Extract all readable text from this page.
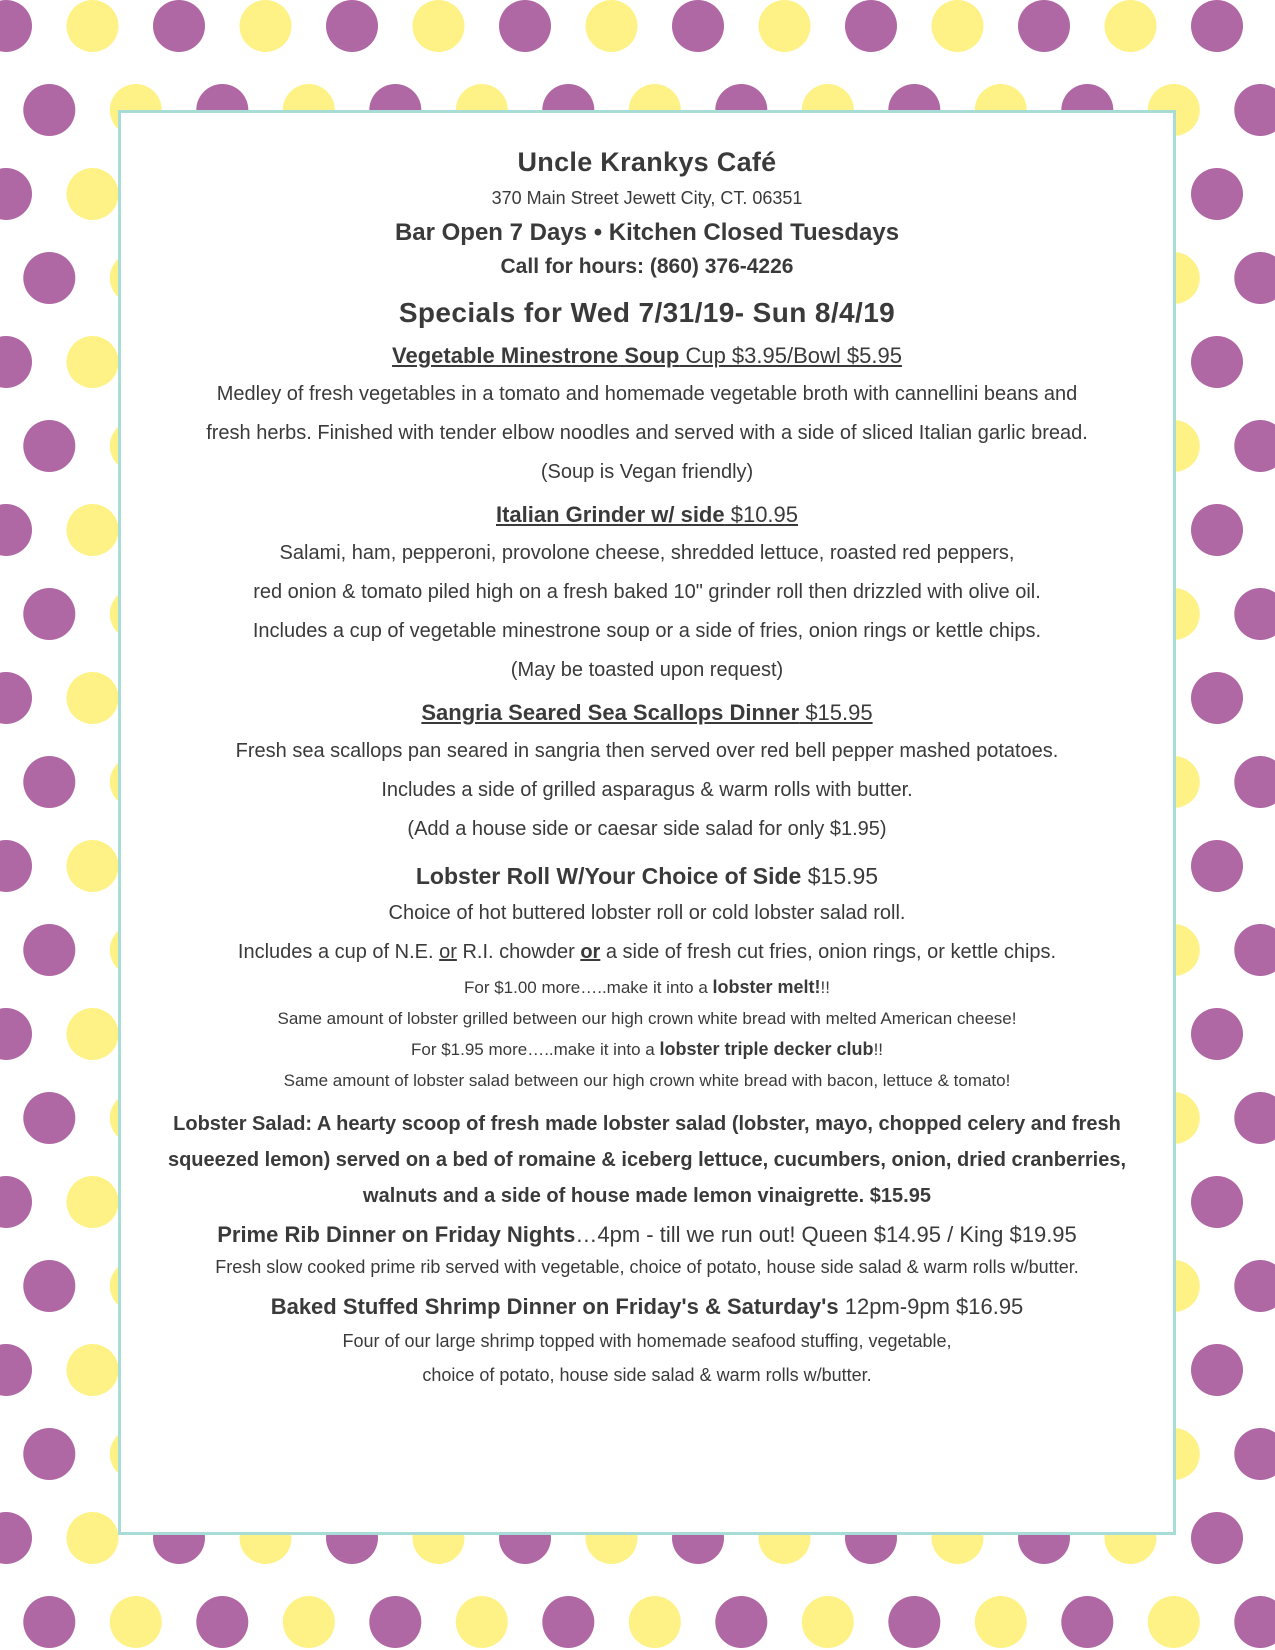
Uncle Krankys Café
370 Main Street Jewett City, CT. 06351
Bar Open 7 Days • Kitchen Closed Tuesdays
Call for hours: (860) 376-4226
Specials for Wed 7/31/19- Sun 8/4/19
Vegetable Minestrone Soup Cup $3.95/Bowl $5.95

Medley of fresh vegetables in a tomato and homemade vegetable broth with cannellini beans and

fresh herbs. Finished with tender elbow noodles and served with a side of sliced Italian garlic bread.

(Soup is Vegan friendly)

Italian Grinder w/ side $10.95

Salami, ham, pepperoni, provolone cheese, shredded lettuce, roasted red peppers,

red onion & tomato piled high on a fresh baked 10" grinder roll then drizzled with olive oil.

Includes a cup of vegetable minestrone soup or a side of fries, onion rings or kettle chips.

(May be toasted upon request)

Sangria Seared Sea Scallops Dinner $15.95

Fresh sea scallops pan seared in sangria then served over red bell pepper mashed potatoes.

Includes a side of grilled asparagus & warm rolls with butter.

(Add a house side or caesar side salad for only $1.95)

Lobster Roll W/Your Choice of Side $15.95

Choice of hot buttered lobster roll or cold lobster salad roll.

Includes a cup of N.E. or R.I. chowder or a side of fresh cut fries, onion rings, or kettle chips.

For $1.00 more…..make it into a lobster melt!!!

Same amount of lobster grilled between our high crown white bread with melted American cheese!

For $1.95 more…..make it into a lobster triple decker club!!

Same amount of lobster salad between our high crown white bread with bacon, lettuce & tomato!

Lobster Salad: A hearty scoop of fresh made lobster salad (lobster, mayo, chopped celery and fresh
squeezed lemon) served on a bed of romaine & iceberg lettuce, cucumbers, onion, dried cranberries,
walnuts and a side of house made lemon vinaigrette. $15.95
Prime Rib Dinner on Friday Nights…4pm - till we run out! Queen $14.95 / King $19.95

Fresh slow cooked prime rib served with vegetable, choice of potato, house side salad & warm rolls w/butter.

Baked Stuffed Shrimp Dinner on Friday's & Saturday's 12pm-9pm $16.95

Four of our large shrimp topped with homemade seafood stuffing, vegetable,

choice of potato, house side salad & warm rolls w/butter.
